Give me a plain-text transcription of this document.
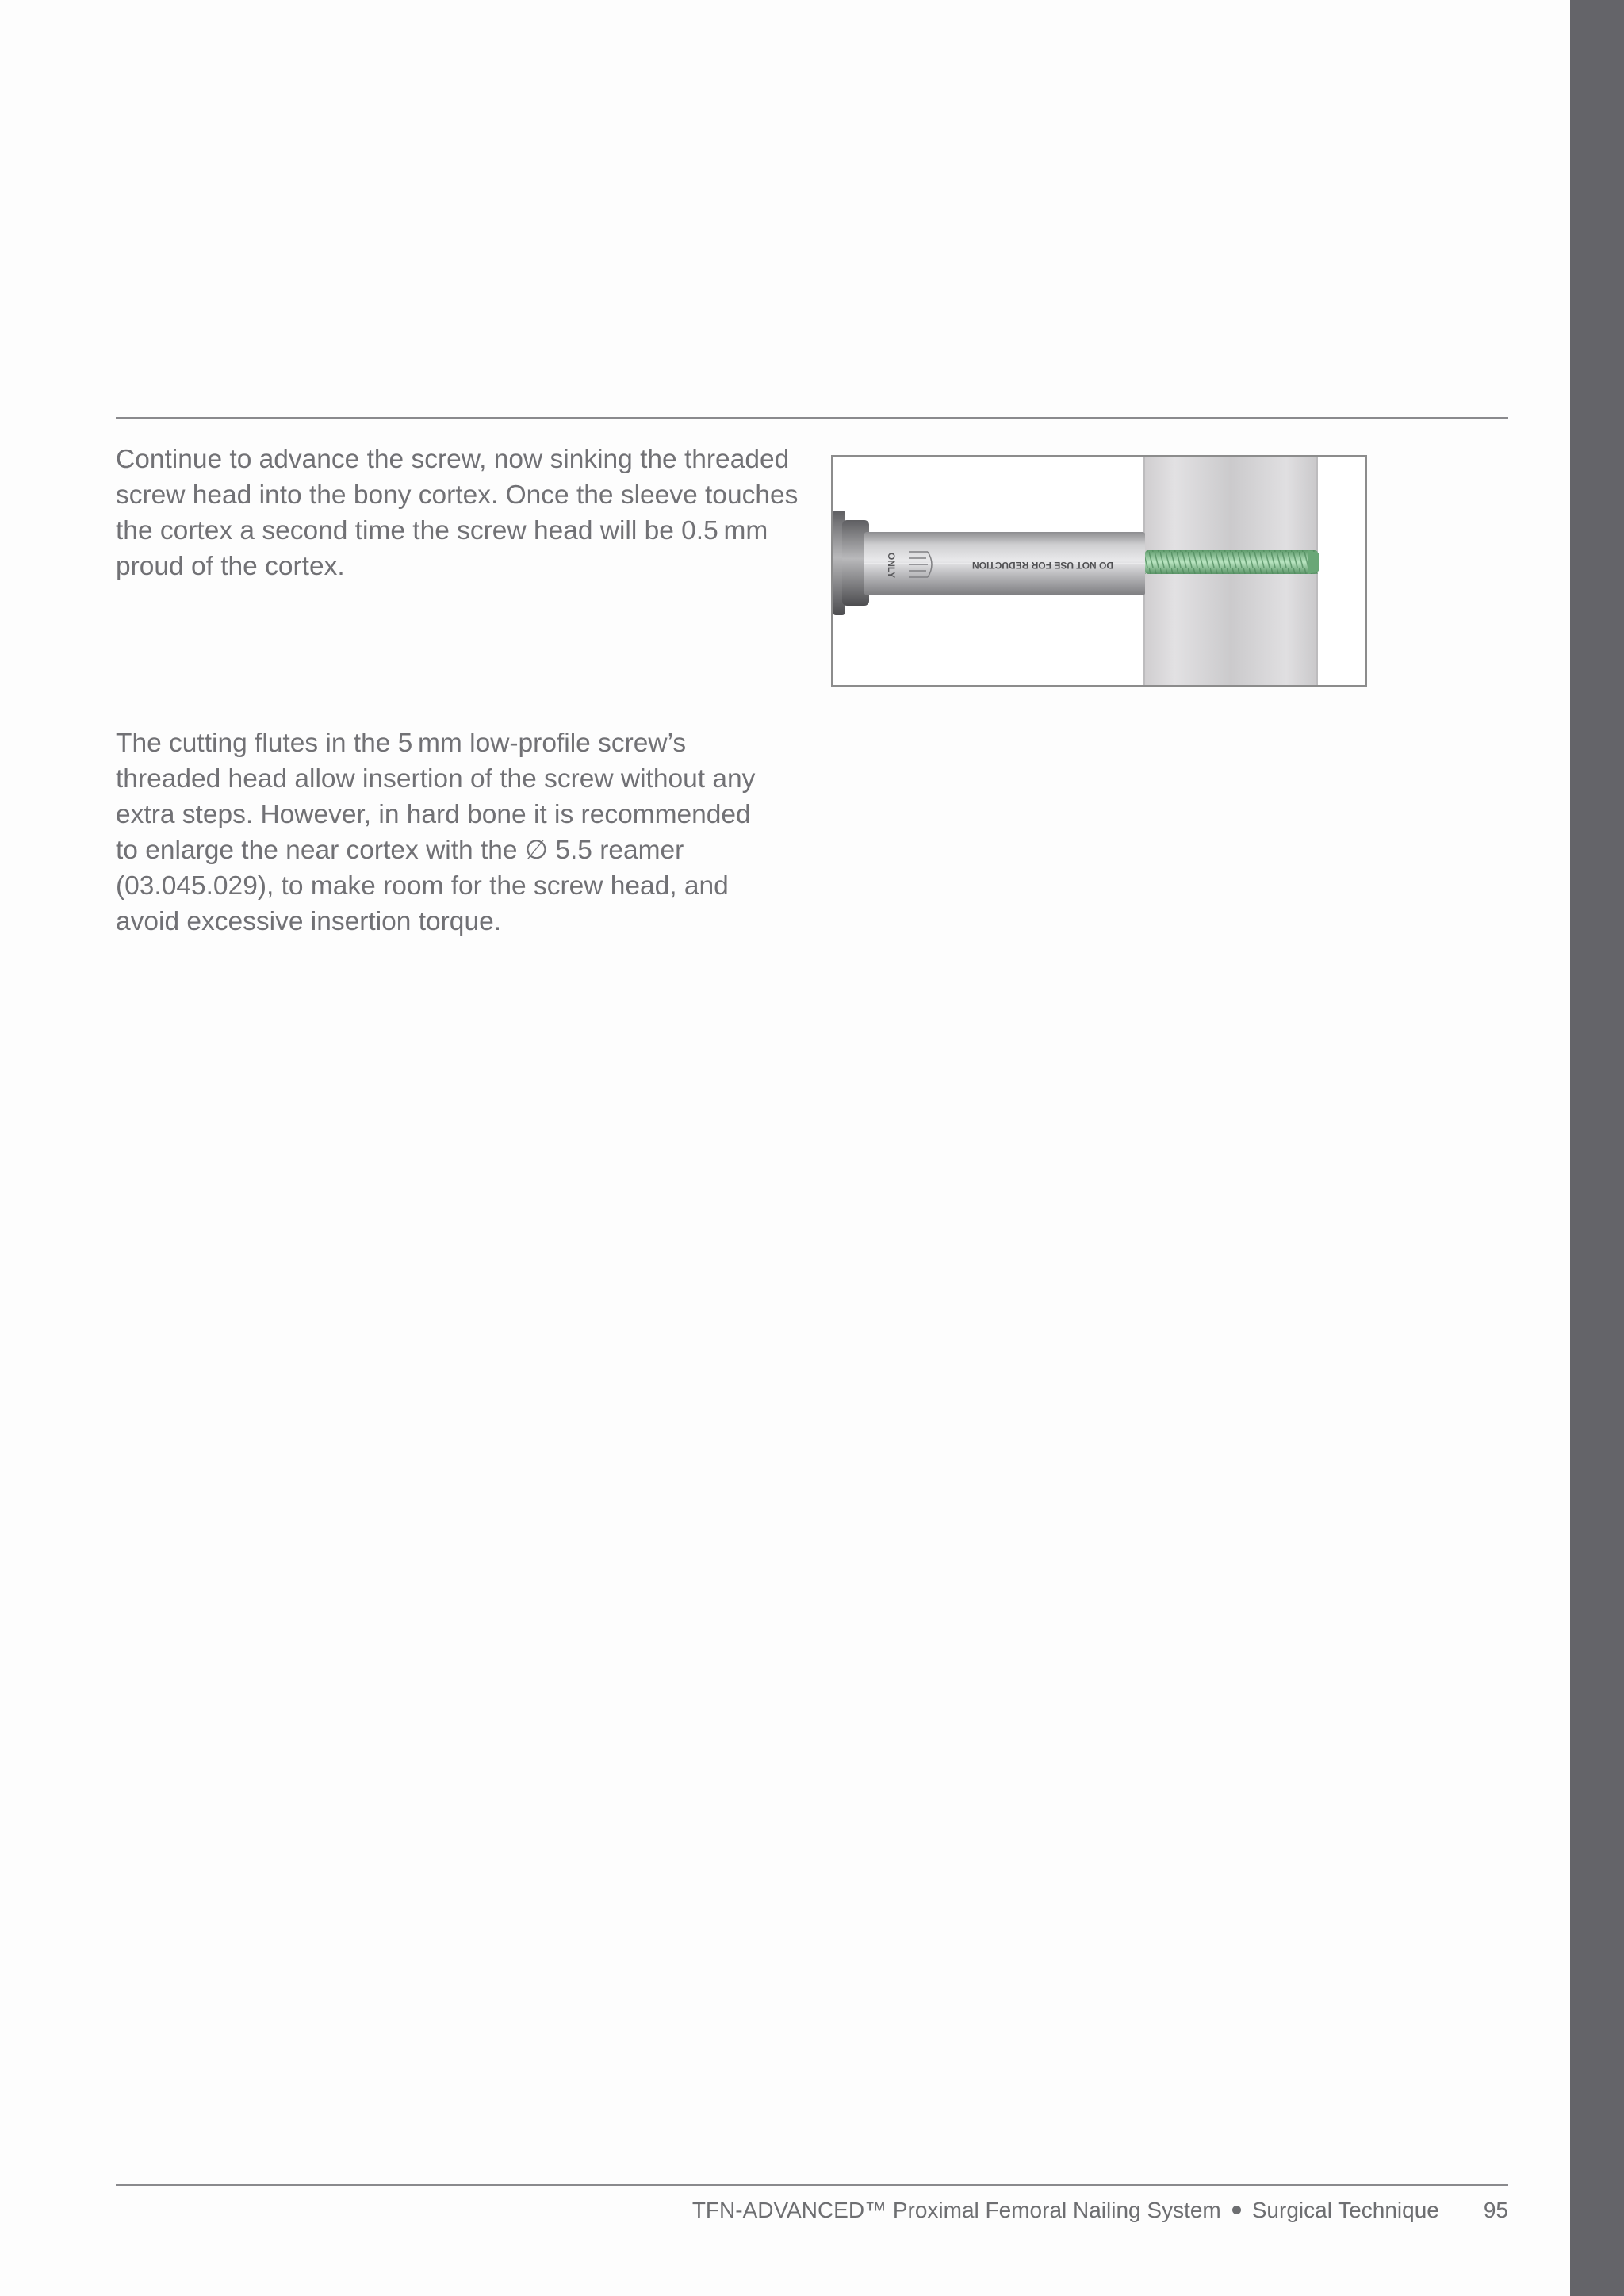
Continue to advance the screw, now sinking the threaded screw head into the bony cortex. Once the sleeve touches the cortex a second time the screw head will be 0.5 mm proud of the cortex.	ONLY	DO NOT USE FOR REDUCTION

The cutting flutes in the 5 mm low-profile screw’s threaded head allow insertion of the screw without any extra steps. However, in hard bone it is recommended to enlarge the near cortex with the ∅ 5.5 reamer (03.045.029), to make room for the screw head, and avoid excessive insertion torque.

TFN-ADVANCED™ Proximal Femoral Nailing System Surgical Technique 95
